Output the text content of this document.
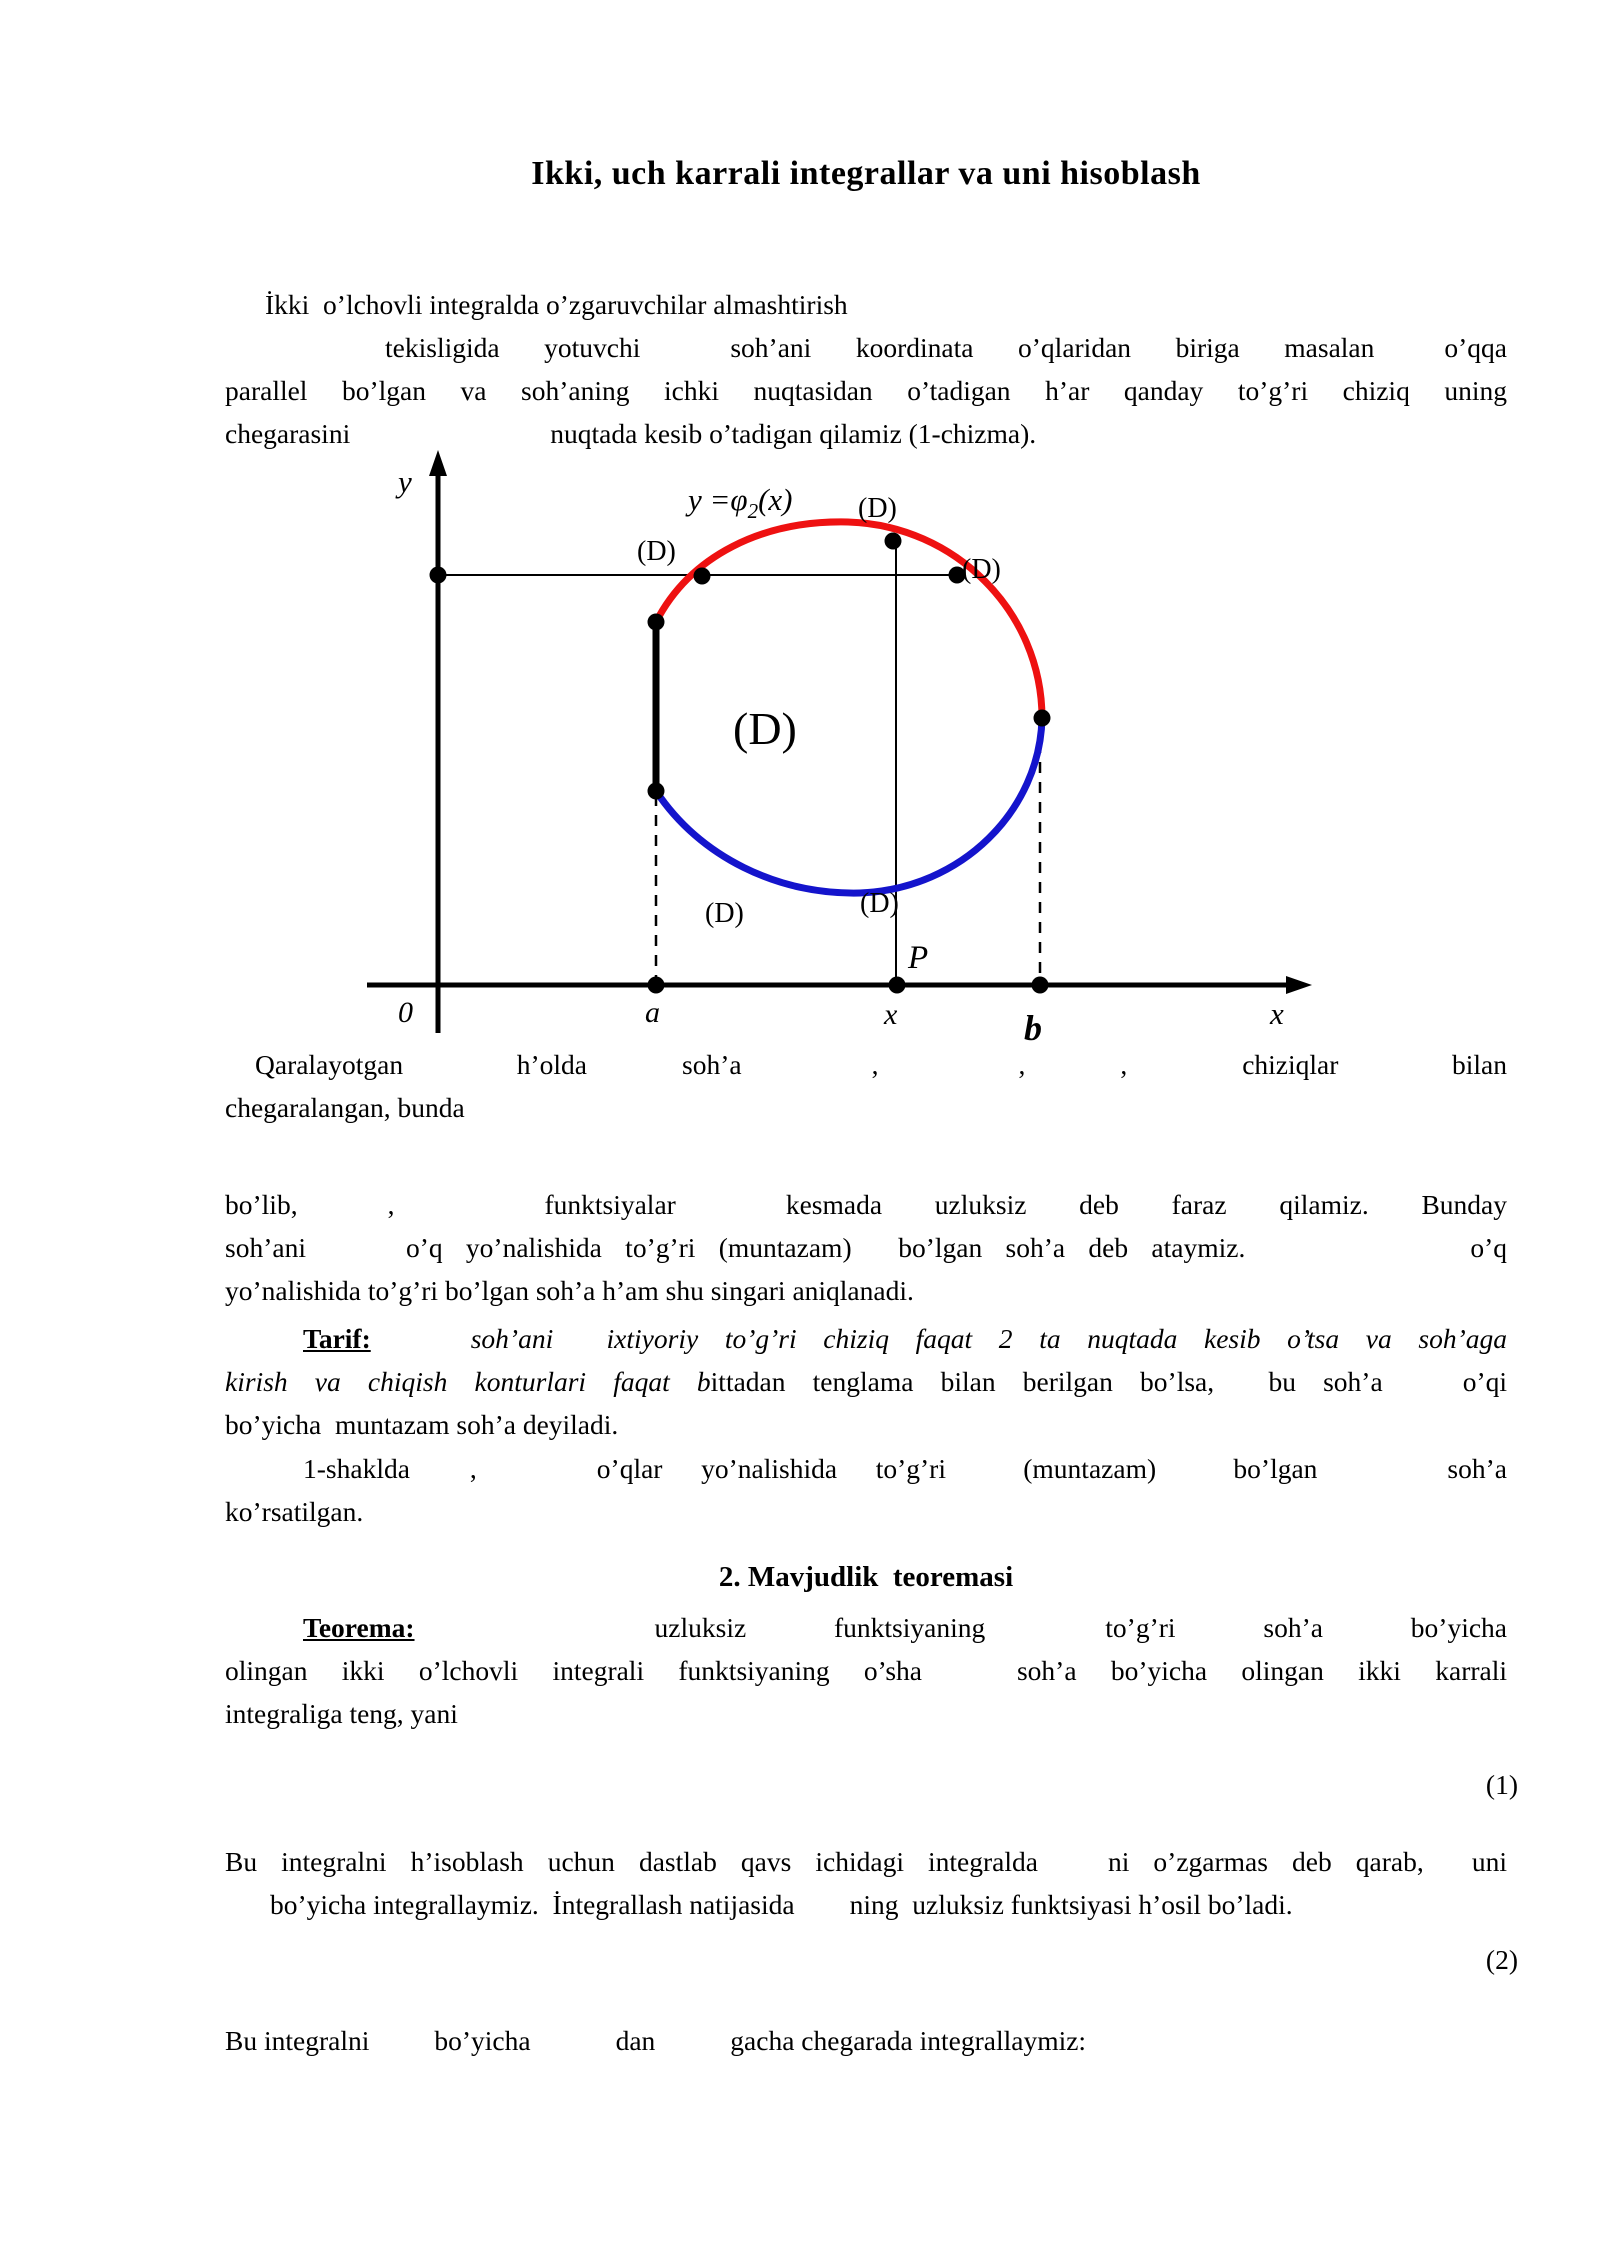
Ikki, uch karrali integrallar va uni hisoblash
İkki  o’lchovli integralda o’zgaruvchilar almashtirish
tekisligida yotuvchi	soh’ani koordinata o’qlaridan biriga masalan	o’qqa
parallel bo’lgan va soh’aning ichki nuqtasidan o’tadigan h’ar qanday to’g’ri chiziq uning
chegarasini	nuqtada kesib o’tadigan qilamiz (1-chizma).
y
0
$y =\varphi_2(x)$ (D)
(D)
(D)
(D)
(D)	(D)
P
a	x	b	x
Qaralayotgan h’olda	soh’a	,	,	,	chiziqlar bilan
chegaralangan, bunda
bo’lib,	,	funktsiyalar	kesmada uzluksiz deb faraz qilamiz. Bunday
soh’ani	o’q yo’nalishida to’g’ri (muntazam)  bo’lgan soh’a deb ataymiz.	o’q
yo’nalishida to’g’ri bo’lgan soh’a h’am shu singari aniqlanadi.
Tarif:	soh’ani  ixtiyoriy to’g’ri chiziq faqat 2 ta nuqtada kesib o’tsa va soh’aga
kirish va chiqish konturlari faqat bittadan tenglama bilan berilgan bo’lsa,  bu soh’a	o’qi
bo’yicha  muntazam soh’a deyiladi.
1-shaklda ,	o’qlar yo’nalishida to’g’ri  (muntazam)  bo’lgan	soh’a
ko’rsatilgan.
2. Mavjudlik  teoremasi
Teorema:	uzluksiz funktsiyaning	to’g’ri soh’a bo’yicha
olingan ikki o’lchovli integrali funktsiyaning o’sha	soh’a bo’yicha olingan ikki karrali
integraliga teng, yani
(1)
Bu integralni h’isoblash uchun dastlab qavs ichidagi integralda	ni o’zgarmas deb qarab,  uni
bo’yicha integrallaymiz.  İntegrallash natijasida ning  uzluksiz funktsiyasi h’osil bo’ladi.
(2)
Bu integralni bo’yicha	dan	gacha chegarada integrallaymiz:
